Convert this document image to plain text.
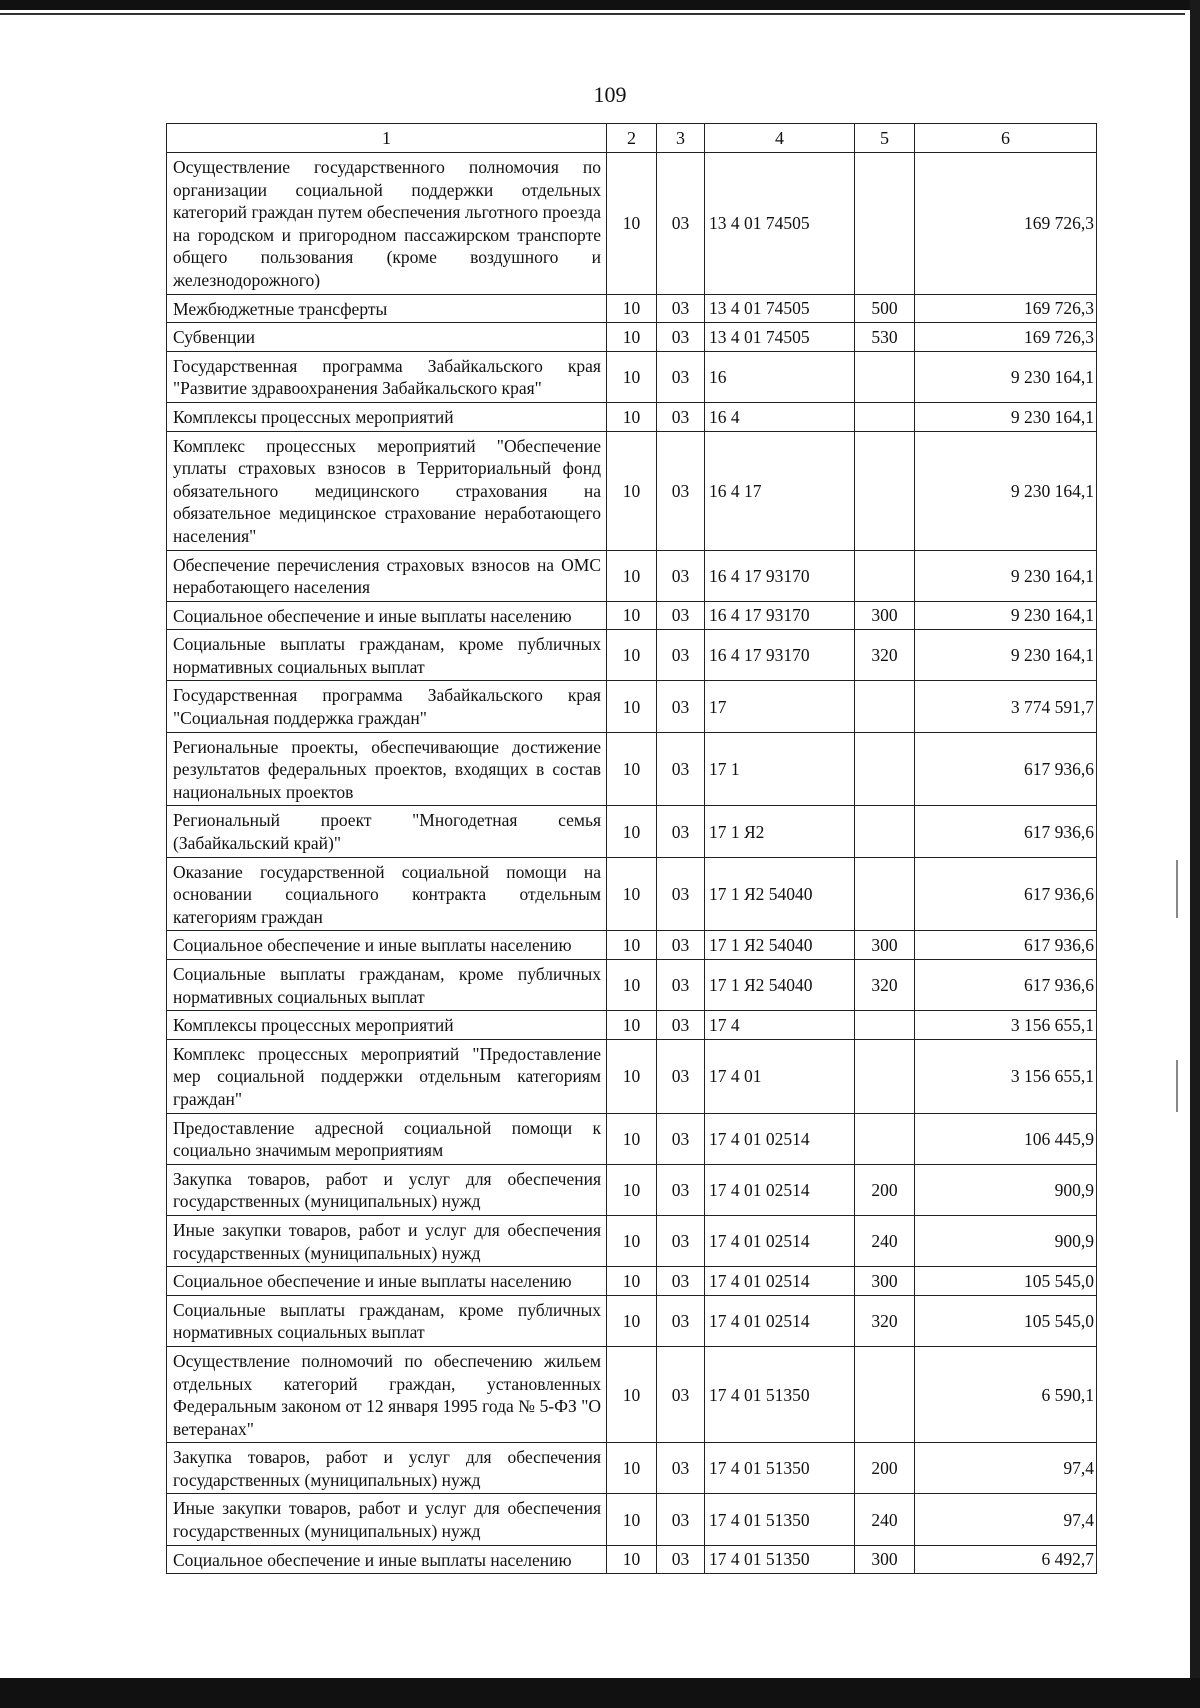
109
1	2	3	4	5	6
Осуществление государственного полномочия по организации социальной поддержки отдельных категорий граждан путем обеспечения льготного проезда на городском и пригородном пассажирском транспорте общего пользования (кроме воздушного и железнодорожного)	10	03	13 4 01 74505		169 726,3
Межбюджетные трансферты	10	03	13 4 01 74505	500	169 726,3
Субвенции	10	03	13 4 01 74505	530	169 726,3
Государственная программа Забайкальского края "Развитие здравоохранения Забайкальского края"	10	03	16		9 230 164,1
Комплексы процессных мероприятий	10	03	16 4		9 230 164,1
Комплекс процессных мероприятий "Обеспечение уплаты страховых взносов в Территориальный фонд обязательного медицинского страхования на обязательное медицинское страхование неработающего населения"	10	03	16 4 17		9 230 164,1
Обеспечение перечисления страховых взносов на ОМС неработающего населения	10	03	16 4 17 93170		9 230 164,1
Социальное обеспечение и иные выплаты населению	10	03	16 4 17 93170	300	9 230 164,1
Социальные выплаты гражданам, кроме публичных нормативных социальных выплат	10	03	16 4 17 93170	320	9 230 164,1
Государственная программа Забайкальского края "Социальная поддержка граждан"	10	03	17		3 774 591,7
Региональные проекты, обеспечивающие достижение результатов федеральных проектов, входящих в состав национальных проектов	10	03	17 1		617 936,6
Региональный проект "Многодетная семья (Забайкальский край)"	10	03	17 1 Я2		617 936,6
Оказание государственной социальной помощи на основании социального контракта отдельным категориям граждан	10	03	17 1 Я2 54040		617 936,6
Социальное обеспечение и иные выплаты населению	10	03	17 1 Я2 54040	300	617 936,6
Социальные выплаты гражданам, кроме публичных нормативных социальных выплат	10	03	17 1 Я2 54040	320	617 936,6
Комплексы процессных мероприятий	10	03	17 4		3 156 655,1
Комплекс процессных мероприятий "Предоставление мер социальной поддержки отдельным категориям граждан"	10	03	17 4 01		3 156 655,1
Предоставление адресной социальной помощи к социально значимым мероприятиям	10	03	17 4 01 02514		106 445,9
Закупка товаров, работ и услуг для обеспечения государственных (муниципальных) нужд	10	03	17 4 01 02514	200	900,9
Иные закупки товаров, работ и услуг для обеспечения государственных (муниципальных) нужд	10	03	17 4 01 02514	240	900,9
Социальное обеспечение и иные выплаты населению	10	03	17 4 01 02514	300	105 545,0
Социальные выплаты гражданам, кроме публичных нормативных социальных выплат	10	03	17 4 01 02514	320	105 545,0
Осуществление полномочий по обеспечению жильем отдельных категорий граждан, установленных Федеральным законом от 12 января 1995 года № 5-ФЗ "О ветеранах"	10	03	17 4 01 51350		6 590,1
Закупка товаров, работ и услуг для обеспечения государственных (муниципальных) нужд	10	03	17 4 01 51350	200	97,4
Иные закупки товаров, работ и услуг для обеспечения государственных (муниципальных) нужд	10	03	17 4 01 51350	240	97,4
Социальное обеспечение и иные выплаты населению	10	03	17 4 01 51350	300	6 492,7
